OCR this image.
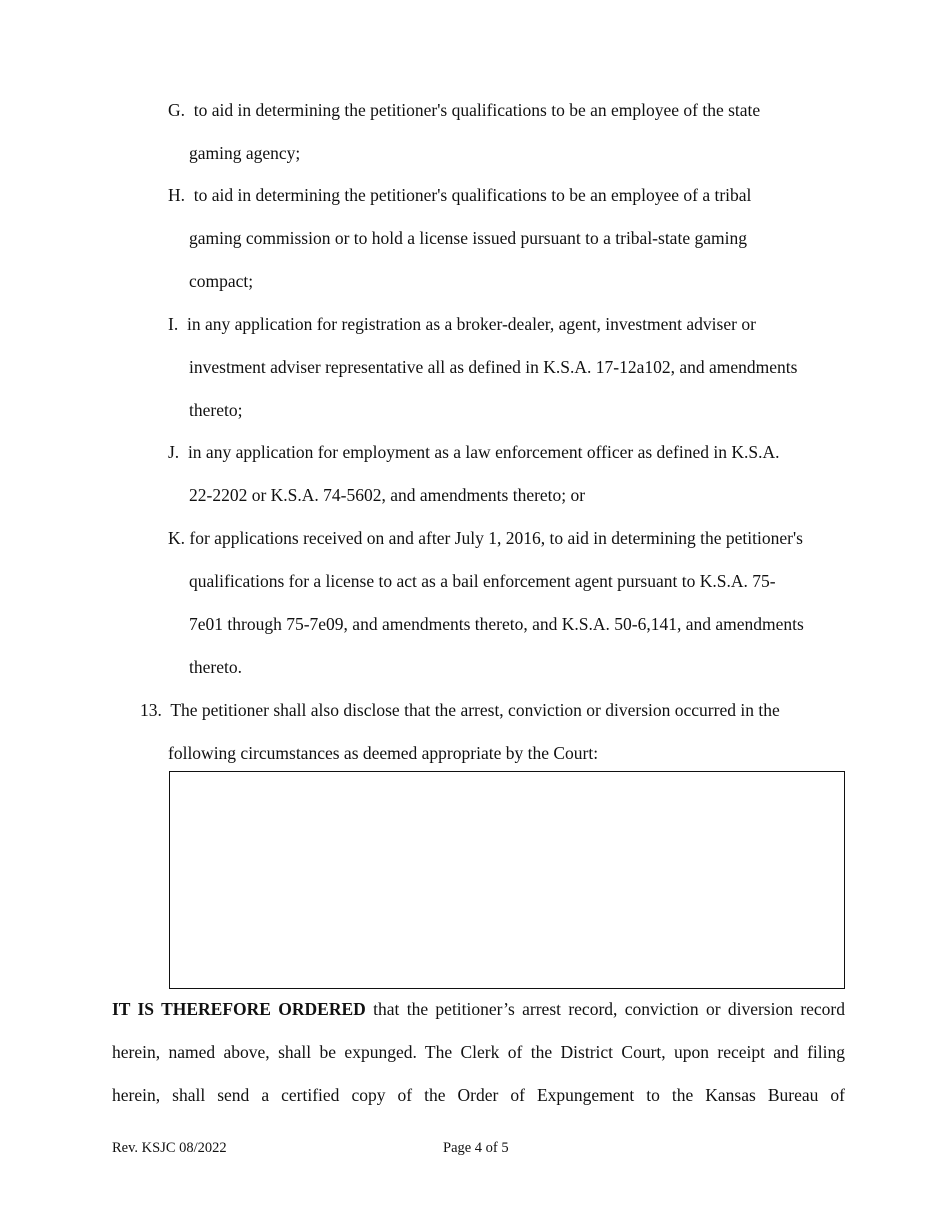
G. to aid in determining the petitioner's qualifications to be an employee of the state
gaming agency;
H. to aid in determining the petitioner's qualifications to be an employee of a tribal
gaming commission or to hold a license issued pursuant to a tribal-state gaming
compact;
I. in any application for registration as a broker-dealer, agent, investment adviser or
investment adviser representative all as defined in K.S.A. 17-12a102, and amendments
thereto;
J. in any application for employment as a law enforcement officer as defined in K.S.A.
22-2202 or K.S.A. 74-5602, and amendments thereto; or
K. for applications received on and after July 1, 2016, to aid in determining the petitioner's
qualifications for a license to act as a bail enforcement agent pursuant to K.S.A. 75-
7e01 through 75-7e09, and amendments thereto, and K.S.A. 50-6,141, and amendments
thereto.
13. The petitioner shall also disclose that the arrest, conviction or diversion occurred in the
following circumstances as deemed appropriate by the Court:
IT IS THEREFORE ORDERED that the petitioner’s arrest record, conviction or diversion record
herein, named above, shall be expunged. The Clerk of the District Court, upon receipt and filing
herein, shall send a certified copy of the Order of Expungement to the Kansas Bureau of
Rev. KSJC 08/2022	Page 4 of 5
